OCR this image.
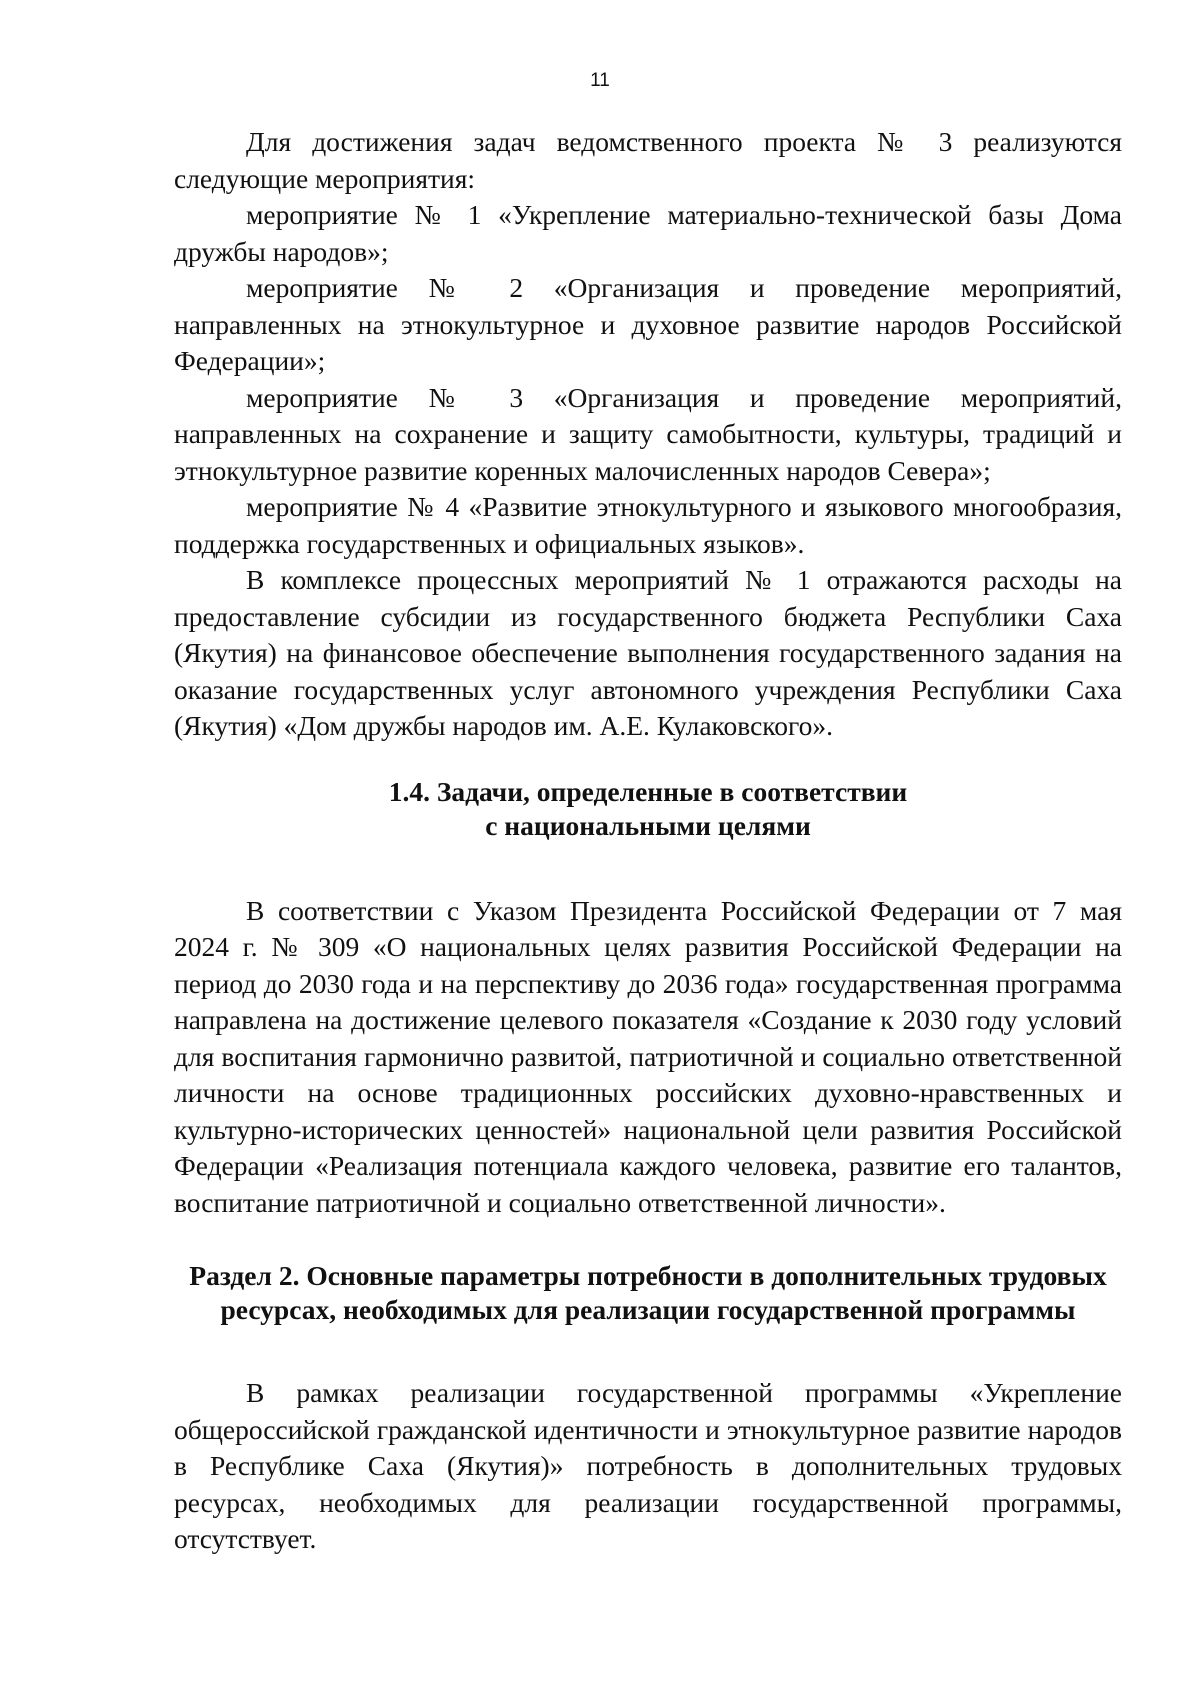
11

Для достижения задач ведомственного проекта № 3 реализуются следующие мероприятия:

мероприятие № 1 «Укрепление материально-технической базы Дома дружбы народов»;

мероприятие № 2 «Организация и проведение мероприятий, направленных на этнокультурное и духовное развитие народов Российской Федерации»;

мероприятие № 3 «Организация и проведение мероприятий, направленных на сохранение и защиту самобытности, культуры, традиций и этнокультурное развитие коренных малочисленных народов Севера»;

мероприятие № 4 «Развитие этнокультурного и языкового многообразия, поддержка государственных и официальных языков».

В комплексе процессных мероприятий № 1 отражаются расходы на предоставление субсидии из государственного бюджета Республики Саха (Якутия) на финансовое обеспечение выполнения государственного задания на оказание государственных услуг автономного учреждения Республики Саха (Якутия) «Дом дружбы народов им. А.Е. Кулаковского».

1.4. Задачи, определенные в соответствии
с национальными целями

В соответствии с Указом Президента Российской Федерации от 7 мая 2024 г. № 309 «О национальных целях развития Российской Федерации на период до 2030 года и на перспективу до 2036 года» государственная программа направлена на достижение целевого показателя «Создание к 2030 году условий для воспитания гармонично развитой, патриотичной и социально ответственной личности на основе традиционных российских духовно-нравственных и культурно-исторических ценностей» национальной цели развития Российской Федерации «Реализация потенциала каждого человека, развитие его талантов, воспитание патриотичной и социально ответственной личности».

Раздел 2. Основные параметры потребности в дополнительных трудовых
ресурсах, необходимых для реализации государственной программы

В рамках реализации государственной программы «Укрепление общероссийской гражданской идентичности и этнокультурное развитие народов в Республике Саха (Якутия)» потребность в дополнительных трудовых ресурсах, необходимых для реализации государственной программы, отсутствует.
